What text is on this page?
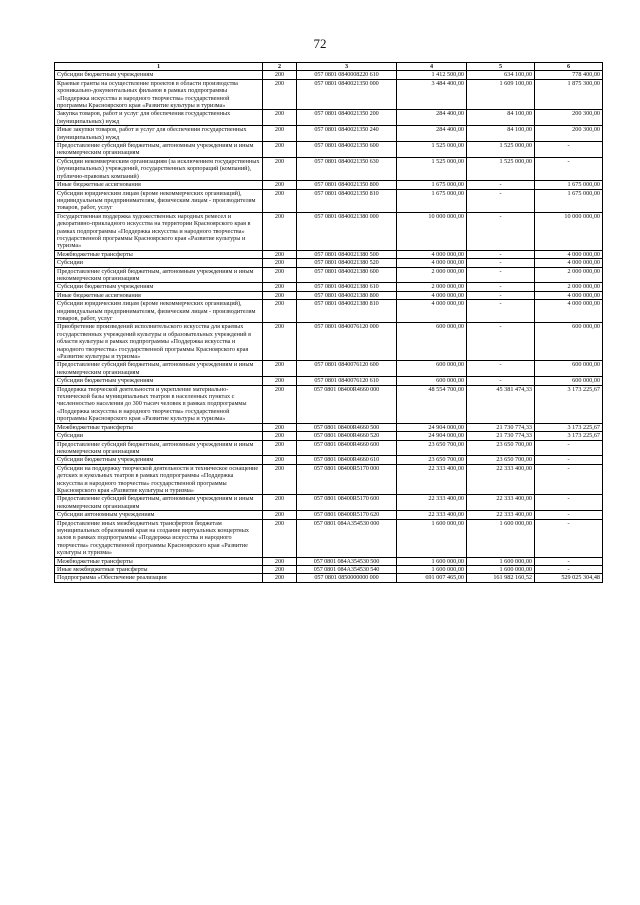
72
1	2	3	4	5	6
Субсидии бюджетным учреждениям	200	057 0801 0840008220 610	1 412 500,00	634 100,00	778 400,00
Краевые гранты на осуществление проектов в области производства хроникально-документальных фильмов в рамках подпрограммы «Поддержка искусства и народного творчества» государственной программы Красноярского края «Развитие культуры и туризма»	200	057 0801 0840021350 000	3 484 400,00	1 609 100,00	1 875 300,00
Закупка товаров, работ и услуг для обеспечения государственных (муниципальных) нужд	200	057 0801 0840021350 200	284 400,00	84 100,00	200 300,00
Иные закупки товаров, работ и услуг для обеспечения государственных (муниципальных) нужд	200	057 0801 0840021350 240	284 400,00	84 100,00	200 300,00
Предоставление субсидий бюджетным, автономным учреждениям и иным некоммерческим организациям	200	057 0801 0840021350 600	1 525 000,00	1 525 000,00	-
Субсидии некоммерческим организациям (за исключением государственных (муниципальных) учреждений, государственных корпораций (компаний), публично-правовых компаний)	200	057 0801 0840021350 630	1 525 000,00	1 525 000,00	-
Иные бюджетные ассигнования	200	057 0801 0840021350 800	1 675 000,00	-	1 675 000,00
Субсидии юридическим лицам (кроме некоммерческих организаций), индивидуальным предпринимателям, физическим лицам - производителям товаров, работ, услуг	200	057 0801 0840021350 810	1 675 000,00	-	1 675 000,00
Государственная поддержка художественных народных ремесел и декоративно-прикладного искусства на территории Красноярского края в рамках подпрограммы «Поддержка искусства и народного творчества» государственной программы Красноярского края «Развитие культуры и туризма»	200	057 0801 0840021380 000	10 000 000,00	-	10 000 000,00
Межбюджетные трансферты	200	057 0801 0840021380 500	4 000 000,00	-	4 000 000,00
Субсидии	200	057 0801 0840021380 520	4 000 000,00	-	4 000 000,00
Предоставление субсидий бюджетным, автономным учреждениям и иным некоммерческим организациям	200	057 0801 0840021380 600	2 000 000,00	-	2 000 000,00
Субсидии бюджетным учреждениям	200	057 0801 0840021380 610	2 000 000,00	-	2 000 000,00
Иные бюджетные ассигнования	200	057 0801 0840021380 800	4 000 000,00	-	4 000 000,00
Субсидии юридическим лицам (кроме некоммерческих организаций), индивидуальным предпринимателям, физическим лицам - производителям товаров, работ, услуг	200	057 0801 0840021380 810	4 000 000,00	-	4 000 000,00
Приобретение произведений исполнительского искусства для краевых государственных учреждений культуры и образовательных учреждений в области культуры в рамках подпрограммы «Поддержка искусства и народного творчества» государственной программы Красноярского края «Развитие культуры и туризма»	200	057 0801 0840076120 000	600 000,00	-	600 000,00
Предоставление субсидий бюджетным, автономным учреждениям и иным некоммерческим организациям	200	057 0801 0840076120 600	600 000,00	-	600 000,00
Субсидии бюджетным учреждениям	200	057 0801 0840076120 610	600 000,00	-	600 000,00
Поддержка творческой деятельности и укрепление материально-технической базы муниципальных театров в населенных пунктах с численностью населения до 300 тысяч человек в рамках подпрограммы «Поддержка искусства и народного творчества» государственной программы Красноярского края «Развитие культуры и туризма»	200	057 0801 08400R4660 000	48 554 700,00	45 381 474,33	3 173 225,67
Межбюджетные трансферты	200	057 0801 08400R4660 500	24 904 000,00	21 730 774,33	3 173 225,67
Субсидии	200	057 0801 08400R4660 520	24 904 000,00	21 730 774,33	3 173 225,67
Предоставление субсидий бюджетным, автономным учреждениям и иным некоммерческим организациям	200	057 0801 08400R4660 600	23 650 700,00	23 650 700,00	-
Субсидии бюджетным учреждениям	200	057 0801 08400R4660 610	23 650 700,00	23 650 700,00	-
Субсидии на поддержку творческой деятельности и техническое оснащение детских и кукольных театров в рамках подпрограммы «Поддержка искусства и народного творчества» государственной программы Красноярского края «Развитие культуры и туризма»	200	057 0801 08400R5170 000	22 333 400,00	22 333 400,00	-
Предоставление субсидий бюджетным, автономным учреждениям и иным некоммерческим организациям	200	057 0801 08400R5170 600	22 333 400,00	22 333 400,00	-
Субсидии автономным учреждениям	200	057 0801 08400R5170 620	22 333 400,00	22 333 400,00	-
Предоставление иных межбюджетных трансфертов бюджетам муниципальных образований края на создание виртуальных концертных залов в рамках подпрограммы «Поддержка искусства и народного творчества» государственной программы Красноярского края «Развитие культуры и туризма»	200	057 0801 084А354530 000	1 600 000,00	1 600 000,00	-
Межбюджетные трансферты	200	057 0801 084А354530 500	1 600 000,00	1 600 000,00	-
Иные межбюджетные трансферты	200	057 0801 084А354530 540	1 600 000,00	1 600 000,00	-
Подпрограмма «Обеспечение реализации	200	057 0801 0850000000 000	691 007 465,00	161 982 160,52	529 025 304,48
